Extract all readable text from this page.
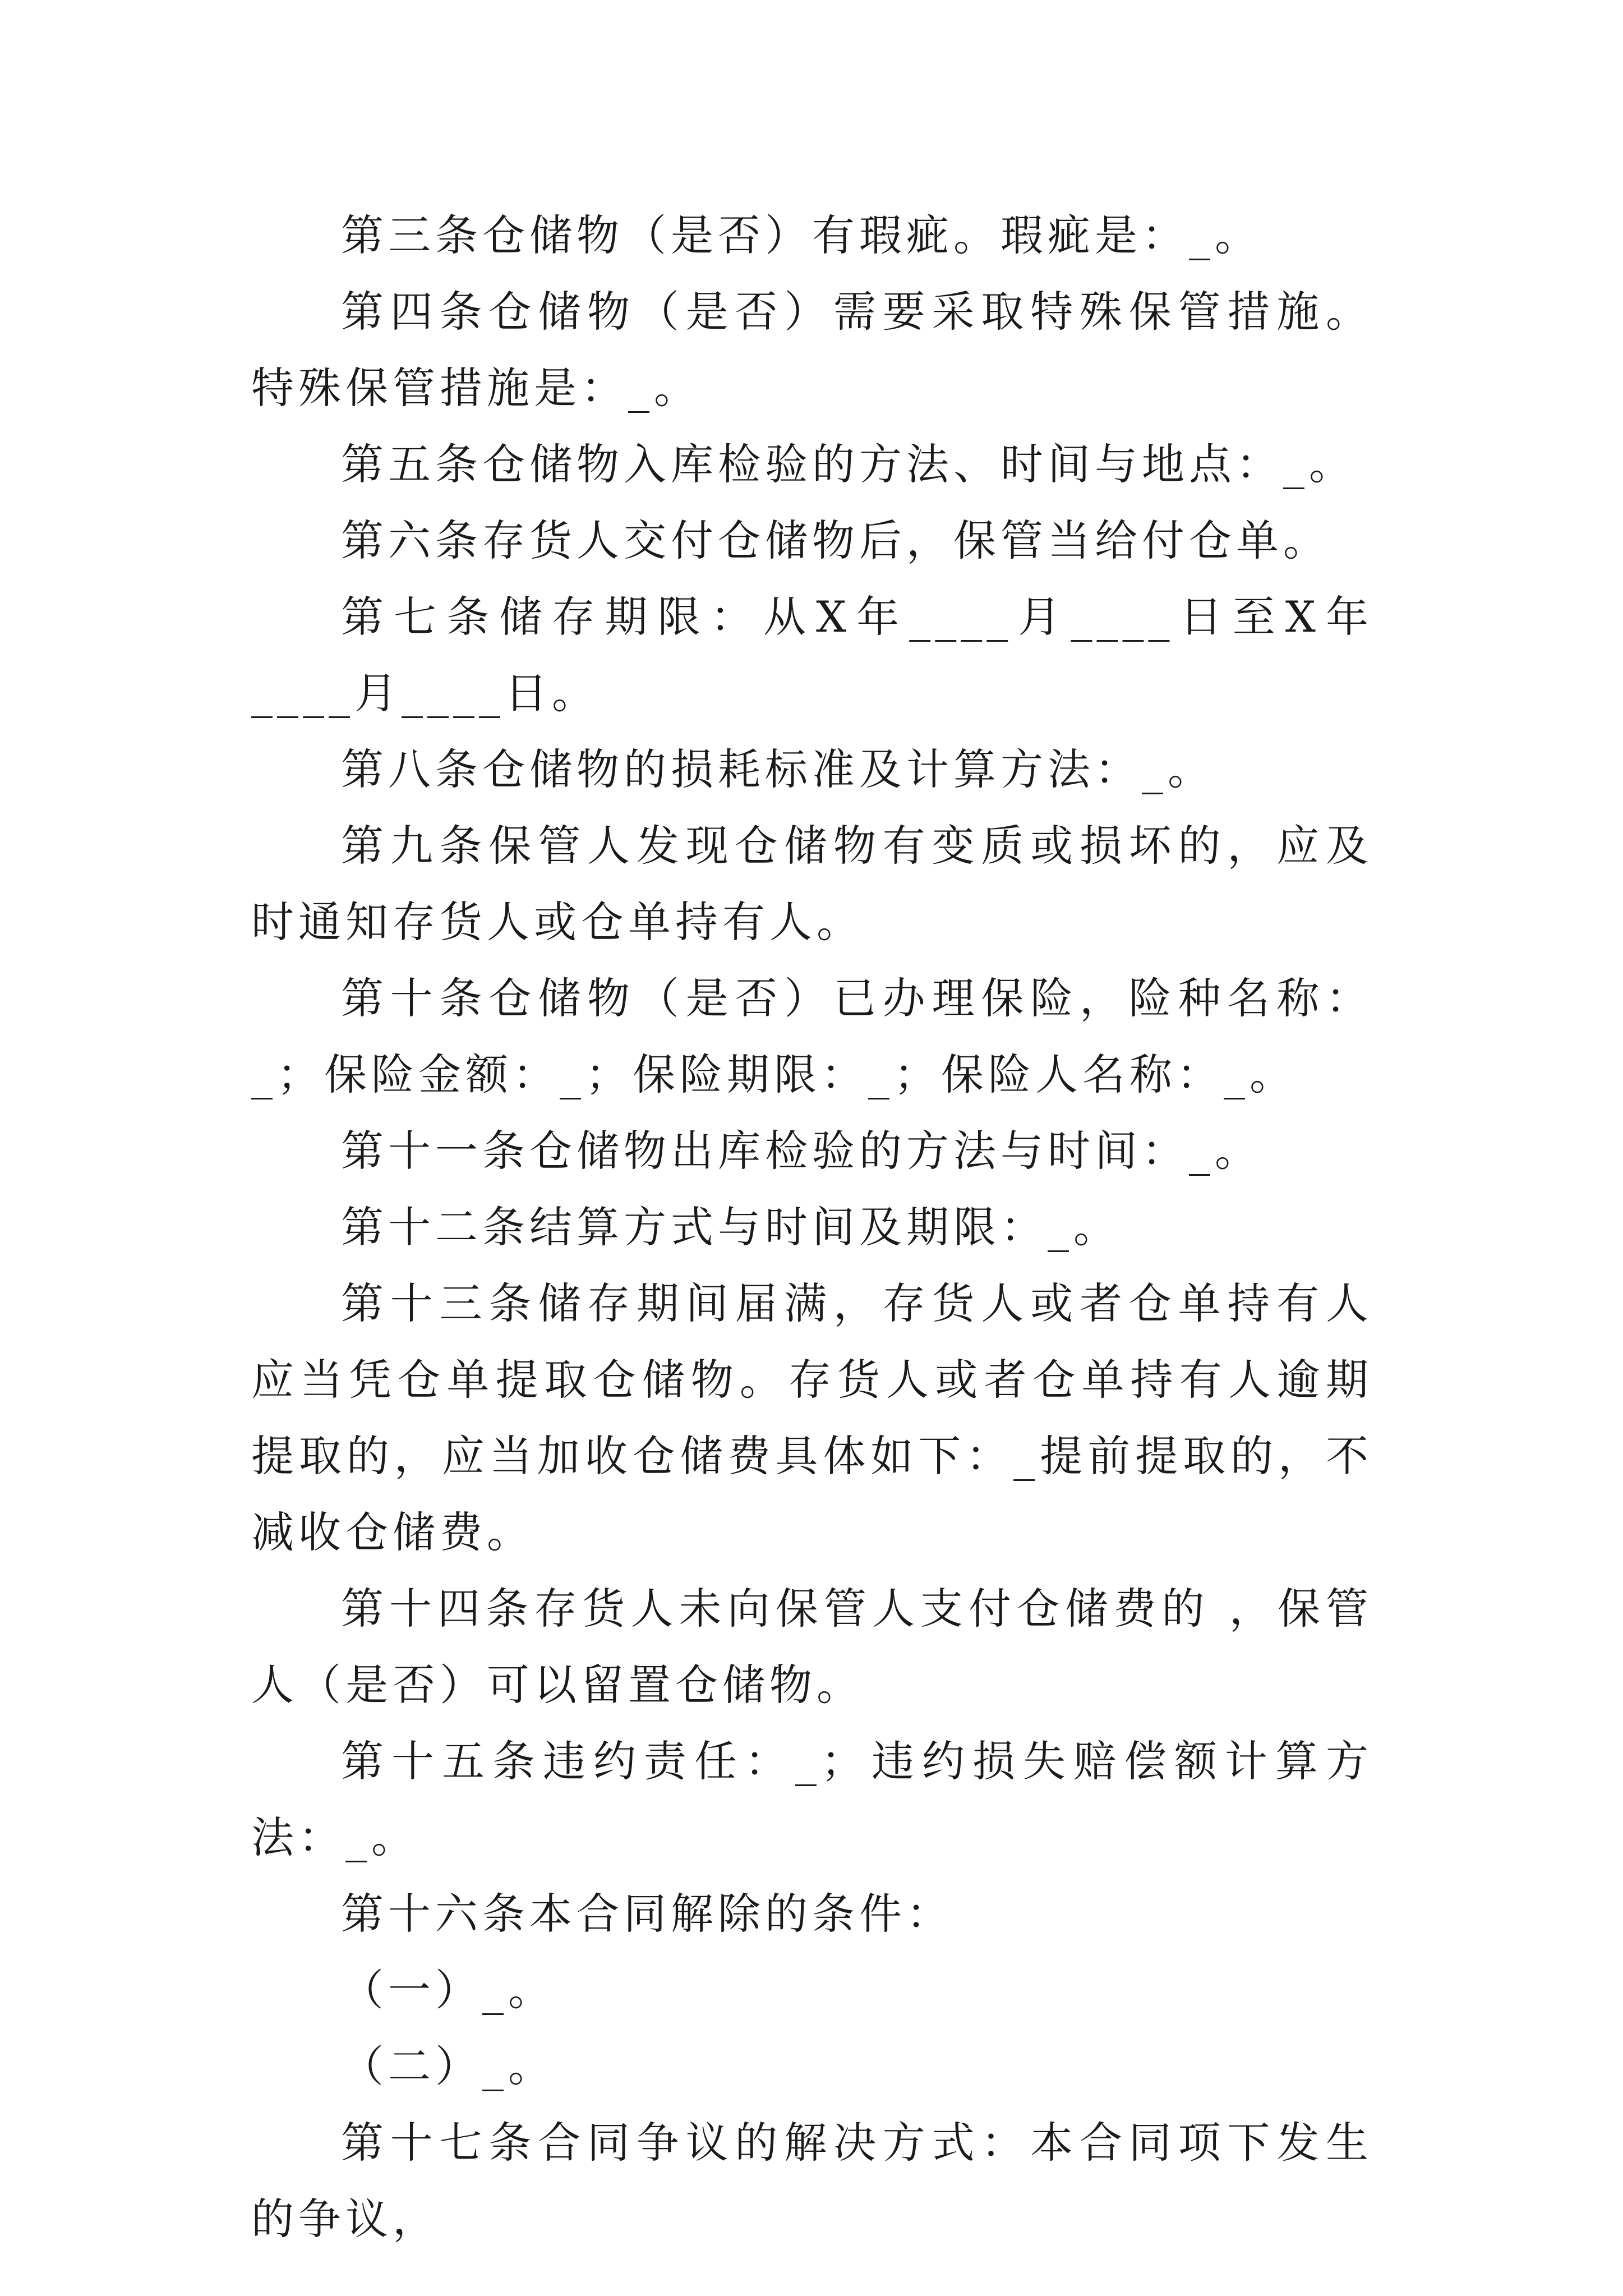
第三条仓储物（是否）有瑕疵。瑕疵是：_。

第四条仓储物（是否）需要采取特殊保管措施。特殊保管措施是：_。

第五条仓储物入库检验的方法、时间与地点：_。

第六条存货人交付仓储物后，保管当给付仓单。

第七条储存期限：从X年____月____日至X年____月____日。

第八条仓储物的损耗标准及计算方法：_。

第九条保管人发现仓储物有变质或损坏的，应及时通知存货人或仓单持有人。

第十条仓储物（是否）已办理保险，险种名称：_；保险金额：_；保险期限：_；保险人名称：_。

第十一条仓储物出库检验的方法与时间：_。

第十二条结算方式与时间及期限：_。

第十三条储存期间届满，存货人或者仓单持有人应当凭仓单提取仓储物。存货人或者仓单持有人逾期提取的，应当加收仓储费具体如下：_提前提取的，不减收仓储费。

第十四条存货人未向保管人支付仓储费的 ，保管人（是否）可以留置仓储物。

第十五条违约责任：_；违约损失赔偿额计算方法：_。

第十六条本合同解除的条件：

（一）_。

（二）_。

第十七条合同争议的解决方式：本合同项下发生的争议，
